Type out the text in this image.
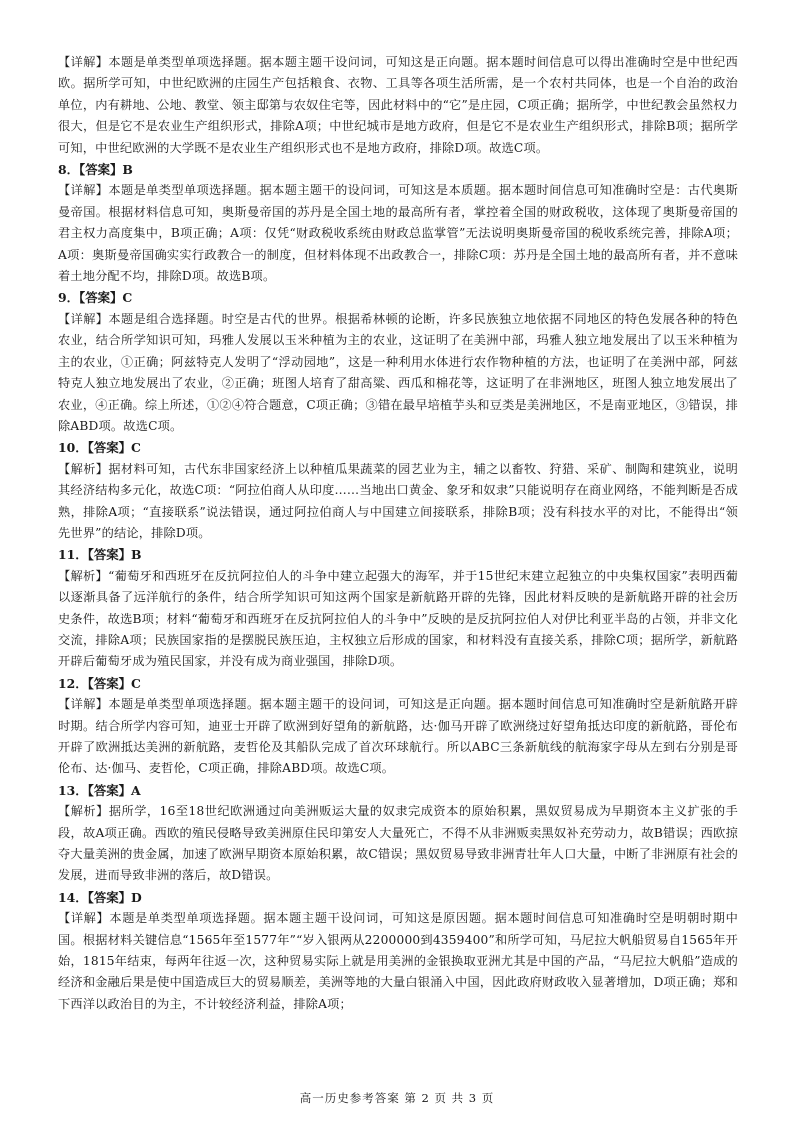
【详解】本题是单类型单项选择题。据本题主题干设问词，可知这是正向题。据本题时间信息可以得出准确时空是中世纪西欧。据所学可知，中世纪欧洲的庄园生产包括粮食、衣物、工具等各项生活所需，是一个农村共同体，也是一个自治的政治单位，内有耕地、公地、教堂、领主邸第与农奴住宅等，因此材料中的“它”是庄园，C项正确；据所学，中世纪教会虽然权力很大，但是它不是农业生产组织形式，排除A项；中世纪城市是地方政府，但是它不是农业生产组织形式，排除B项；据所学可知，中世纪欧洲的大学既不是农业生产组织形式也不是地方政府，排除D项。故选C项。

8．【答案】B

【详解】本题是单类型单项选择题。据本题主题干的设问词，可知这是本质题。据本题时间信息可知准确时空是：古代奥斯曼帝国。根据材料信息可知，奥斯曼帝国的苏丹是全国土地的最高所有者，掌控着全国的财政税收，这体现了奥斯曼帝国的君主权力高度集中，B项正确；A项：仅凭“财政税收系统由财政总监掌管”无法说明奥斯曼帝国的税收系统完善，排除A项；A项：奥斯曼帝国确实实行政教合一的制度，但材料体现不出政教合一，排除C项：苏丹是全国土地的最高所有者，并不意味着土地分配不均，排除D项。故选B项。

9．【答案】C

【详解】本题是组合选择题。时空是古代的世界。根据希林顿的论断，许多民族独立地依据不同地区的特色发展各种的特色农业，结合所学知识可知，玛雅人发展以玉米种植为主的农业，这证明了在美洲中部，玛雅人独立地发展出了以玉米种植为主的农业，①正确；阿兹特克人发明了“浮动园地”，这是一种利用水体进行农作物种植的方法，也证明了在美洲中部，阿兹特克人独立地发展出了农业，②正确；班图人培育了甜高粱、西瓜和棉花等，这证明了在非洲地区，班图人独立地发展出了农业，④正确。综上所述，①②④符合题意，C项正确；③错在最早培植芋头和豆类是美洲地区，不是南亚地区，③错误，排除ABD项。故选C项。

10．【答案】C

【解析】据材料可知，古代东非国家经济上以种植瓜果蔬菜的园艺业为主，辅之以畜牧、狩猎、采矿、制陶和建筑业，说明其经济结构多元化，故选C项：“阿拉伯商人从印度……当地出口黄金、象牙和奴隶”只能说明存在商业网络，不能判断是否成熟，排除A项；“直接联系”说法错误，通过阿拉伯商人与中国建立间接联系，排除B项；没有科技水平的对比，不能得出“领先世界”的结论，排除D项。

11．【答案】B

【解析】“葡萄牙和西班牙在反抗阿拉伯人的斗争中建立起强大的海军，并于15世纪末建立起独立的中央集权国家”表明西葡以逐渐具备了远洋航行的条件，结合所学知识可知这两个国家是新航路开辟的先锋，因此材料反映的是新航路开辟的社会历史条件，故选B项；材料“葡萄牙和西班牙在反抗阿拉伯人的斗争中”反映的是反抗阿拉伯人对伊比利亚半岛的占领，并非文化交流，排除A项；民族国家指的是摆脱民族压迫，主权独立后形成的国家，和材料没有直接关系，排除C项；据所学，新航路开辟后葡萄牙成为殖民国家，并没有成为商业强国，排除D项。

12．【答案】C

【详解】本题是单类型单项选择题。据本题主题干的设问词，可知这是正向题。据本题时间信息可知准确时空是新航路开辟时期。结合所学内容可知，迪亚士开辟了欧洲到好望角的新航路，达·伽马开辟了欧洲绕过好望角抵达印度的新航路，哥伦布开辟了欧洲抵达美洲的新航路，麦哲伦及其船队完成了首次环球航行。所以ABC三条新航线的航海家字母从左到右分别是哥伦布、达·伽马、麦哲伦，C项正确，排除ABD项。故选C项。

13．【答案】A

【解析】据所学，16至18世纪欧洲通过向美洲贩运大量的奴隶完成资本的原始积累，黑奴贸易成为早期资本主义扩张的手段，故A项正确。西欧的殖民侵略导致美洲原住民印第安人大量死亡，不得不从非洲贩卖黑奴补充劳动力，故B错误；西欧掠夺大量美洲的贵金属，加速了欧洲早期资本原始积累，故C错误；黑奴贸易导致非洲青壮年人口大量，中断了非洲原有社会的发展，进而导致非洲的落后，故D错误。

14．【答案】D

【详解】本题是单类型单项选择题。据本题主题干设问词，可知这是原因题。据本题时间信息可知准确时空是明朝时期中国。根据材料关键信息“1565年至1577年”“岁入银两从2200000到4359400”和所学可知，马尼拉大帆船贸易自1565年开始，1815年结束，每两年往返一次，这种贸易实际上就是用美洲的金银换取亚洲尤其是中国的产品，“马尼拉大帆船”造成的经济和金融后果是使中国造成巨大的贸易顺差，美洲等地的大量白银涌入中国，因此政府财政收入显著增加，D项正确；郑和下西洋以政治目的为主，不计较经济利益，排除A项；

高一历史参考答案 第 2 页 共 3 页
